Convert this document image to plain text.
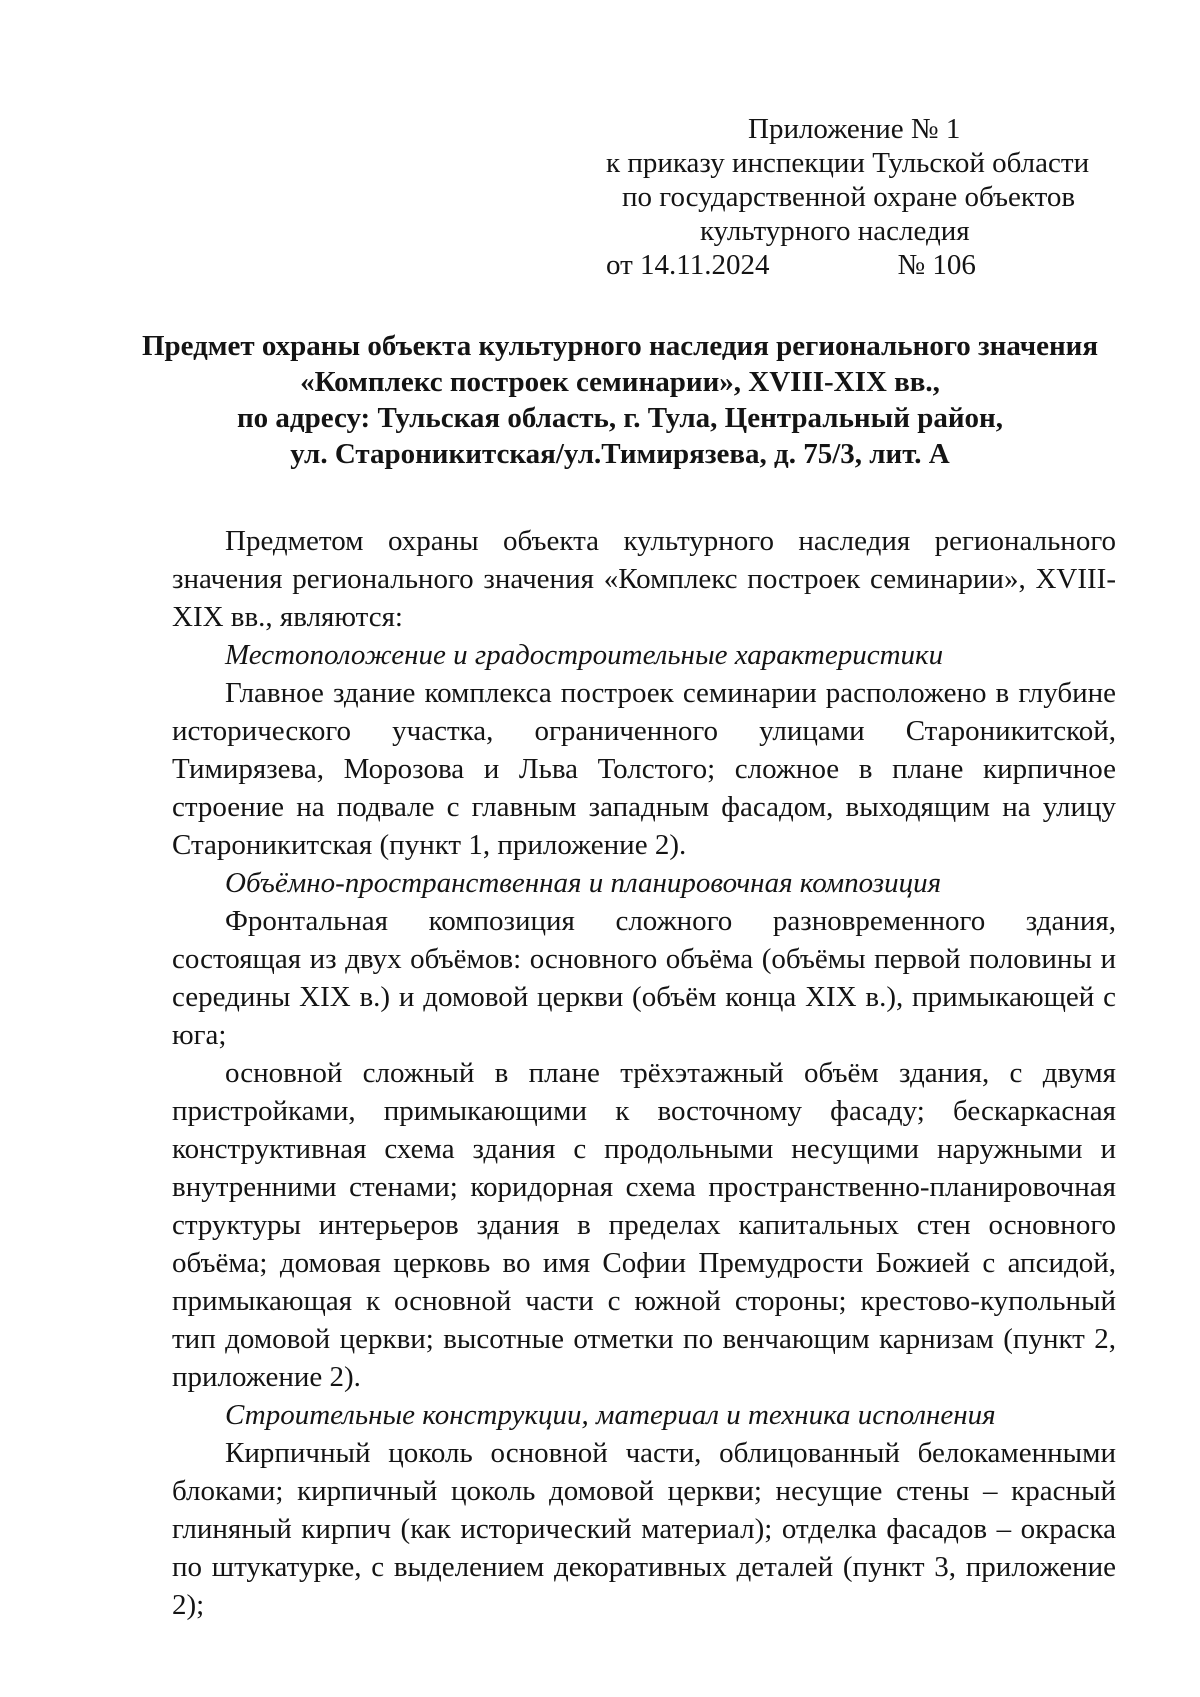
Приложение № 1
к приказу инспекции Тульской области
по государственной охране объектов
культурного наследия
от 14.11.2024	№ 106
Предмет охраны объекта культурного наследия регионального значения
«Комплекс построек семинарии», XVIII-XIX вв.,
по адресу: Тульская область, г. Тула, Центральный район,
ул. Староникитская/ул.Тимирязева, д. 75/3, лит. А

Предметом охраны объекта культурного наследия регионального значения регионального значения «Комплекс построек семинарии», XVIII-XIX вв., являются:

Местоположение и градостроительные характеристики

Главное здание комплекса построек семинарии расположено в глубине исторического участка, ограниченного улицами Староникитской, Тимирязева, Морозова и Льва Толстого; сложное в плане кирпичное строение на подвале с главным западным фасадом, выходящим на улицу Староникитская (пункт 1, приложение 2).

Объёмно-пространственная и планировочная композиция

Фронтальная композиция сложного разновременного здания, состоящая из двух объёмов: основного объёма (объёмы первой половины и середины XIX в.) и домовой церкви (объём конца XIX в.), примыкающей с юга;

основной сложный в плане трёхэтажный объём здания, с двумя пристройками, примыкающими к восточному фасаду; бескаркасная конструктивная схема здания с продольными несущими наружными и внутренними стенами; коридорная схема пространственно-планировочная структуры интерьеров здания в пределах капитальных стен основного объёма; домовая церковь во имя Софии Премудрости Божией с апсидой, примыкающая к основной части с южной стороны; крестово-купольный тип домовой церкви; высотные отметки по венчающим карнизам (пункт 2, приложение 2).

Строительные конструкции, материал и техника исполнения

Кирпичный цоколь основной части, облицованный белокаменными блоками; кирпичный цоколь домовой церкви; несущие стены – красный глиняный кирпич (как исторический материал); отделка фасадов – окраска по штукатурке, с выделением декоративных деталей (пункт 3, приложение 2);
